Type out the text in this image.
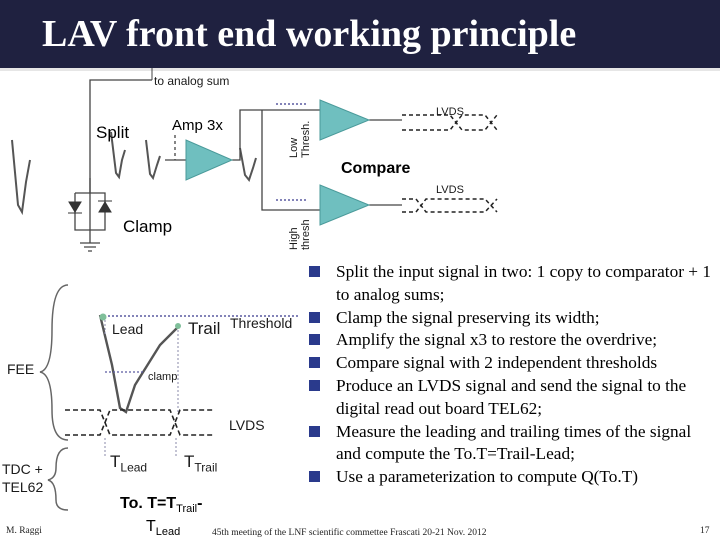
LAV front end working principle
to analog sum
Split	Amp 3x
Low Thresh.
High thresh
Compare
Clamp
LVDS
LVDS
FEE
TDC +
TEL62
Lead	Trail Threshold
clamp
LVDS
$T_{Lead}$ $T_{Trail}$
To. $T=T_{Trail}-$
$T_{Lead}$
Split the input signal in two: 1 copy to comparator + 1 to analog sums;
Clamp the signal preserving its width;
Amplify the signal x3 to restore the overdrive;
Compare signal with 2 independent thresholds
Produce an LVDS signal and send the signal to the digital read out board TEL62;
Measure the leading and trailing times of the signal and compute the To.T=Trail-Lead;
Use a parameterization to compute Q(To.T)
M. Raggi	45th meeting of the LNF scientific commettee Frascati 20-21 Nov. 2012	17
